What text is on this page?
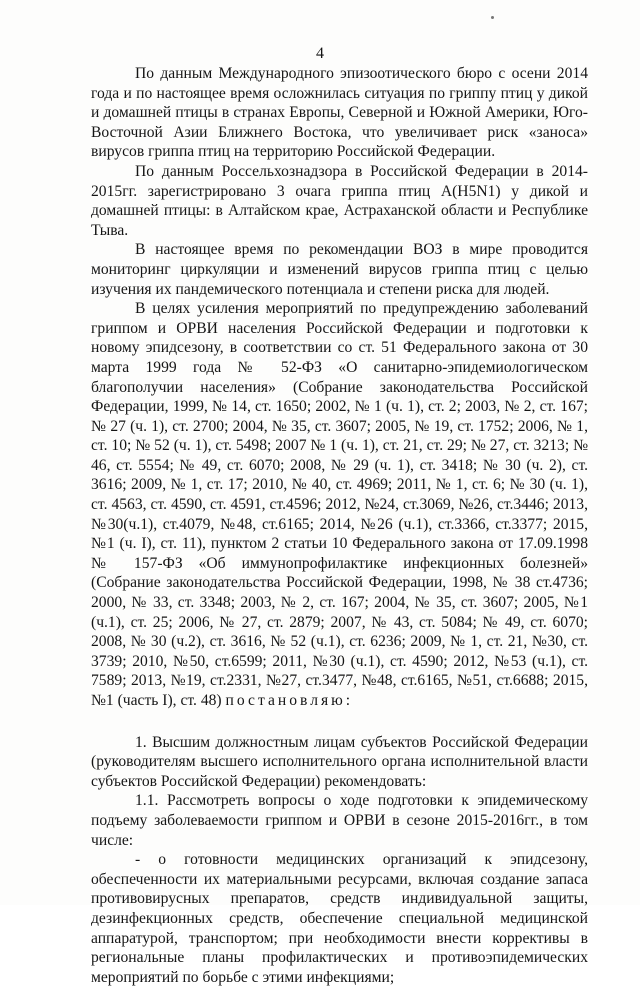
4

По данным Международного эпизоотического бюро с осени 2014 года и по настоящее время осложнилась ситуация по гриппу птиц у дикой и домашней птицы в странах Европы, Северной и Южной Америки, Юго-Восточной Азии Ближнего Востока, что увеличивает риск «заноса» вирусов гриппа птиц на территорию Российской Федерации.

По данным Россельхознадзора в Российской Федерации в 2014-2015гг. зарегистрировано 3 очага гриппа птиц A(H5N1) у дикой и домашней птицы: в Алтайском крае, Астраханской области и Республике Тыва.

В настоящее время по рекомендации ВОЗ в мире проводится мониторинг циркуляции и изменений вирусов гриппа птиц с целью изучения их пандемического потенциала и степени риска для людей.

В целях усиления мероприятий по предупреждению заболеваний гриппом и ОРВИ населения Российской Федерации и подготовки к новому эпидсезону, в соответствии со ст. 51 Федерального закона от 30 марта 1999 года № 52-ФЗ «О санитарно-эпидемиологическом благополучии населения» (Собрание законодательства Российской Федерации, 1999, № 14, ст. 1650; 2002, № 1 (ч. 1), ст. 2; 2003, № 2, ст. 167; № 27 (ч. 1), ст. 2700; 2004, № 35, ст. 3607; 2005, № 19, ст. 1752; 2006, № 1, ст. 10; № 52 (ч. 1), ст. 5498; 2007 № 1 (ч. 1), ст. 21, ст. 29; № 27, ст. 3213; № 46, ст. 5554; № 49, ст. 6070; 2008, № 29 (ч. 1), ст. 3418; № 30 (ч. 2), ст. 3616; 2009, № 1, ст. 17; 2010, № 40, ст. 4969; 2011, № 1, ст. 6; № 30 (ч. 1), ст. 4563, ст. 4590, ст. 4591, ст.4596; 2012, №24, ст.3069, №26, ст.3446; 2013, №30(ч.1), ст.4079, №48, ст.6165; 2014, №26 (ч.1), ст.3366, ст.3377; 2015, №1 (ч. I), ст. 11), пунктом 2 статьи 10 Федерального закона от 17.09.1998 № 157-ФЗ «Об иммунопрофилактике инфекционных болезней» (Собрание законодательства Российской Федерации, 1998, № 38 ст.4736; 2000, № 33, ст. 3348; 2003, № 2, ст. 167; 2004, № 35, ст. 3607; 2005, №1 (ч.1), ст. 25; 2006, № 27, ст. 2879; 2007, № 43, ст. 5084; № 49, ст. 6070; 2008, № 30 (ч.2), ст. 3616, № 52 (ч.1), ст. 6236; 2009, № 1, ст. 21, №30, ст. 3739; 2010, №50, ст.6599; 2011, №30 (ч.1), ст. 4590; 2012, №53 (ч.1), ст. 7589; 2013, №19, ст.2331, №27, ст.3477, №48, ст.6165, №51, ст.6688; 2015, №1 (часть I), ст. 48) постановляю:

1. Высшим должностным лицам субъектов Российской Федерации (руководителям высшего исполнительного органа исполнительной власти субъектов Российской Федерации) рекомендовать:

1.1. Рассмотреть вопросы о ходе подготовки к эпидемическому подъему заболеваемости гриппом и ОРВИ в сезоне 2015-2016гг., в том числе:

- о готовности медицинских организаций к эпидсезону, обеспеченности их материальными ресурсами, включая создание запаса противовирусных препаратов, средств индивидуальной защиты, дезинфекционных средств, обеспечение специальной медицинской аппаратурой, транспортом; при необходимости внести коррективы в региональные планы профилактических и противоэпидемических мероприятий по борьбе с этими инфекциями;
